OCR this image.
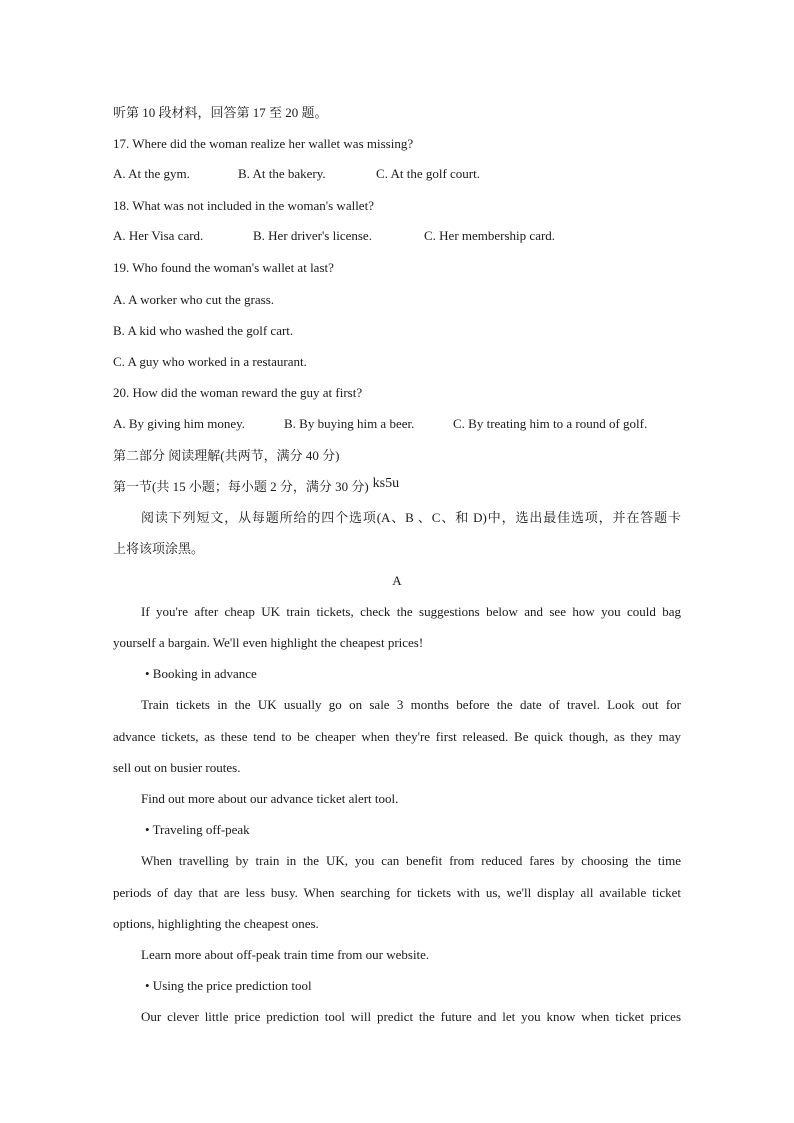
听第 10 段材料，回答第 17 至 20 题。
17. Where did the woman realize her wallet was missing?
A. At the gym.	B. At the bakery.	C. At the golf court.
18. What was not included in the woman's wallet?
A. Her Visa card.	B. Her driver's license.	C. Her membership card.
19. Who found the woman's wallet at last?
A. A worker who cut the grass.
B. A kid who washed the golf cart.
C. A guy who worked in a restaurant.
20. How did the woman reward the guy at first?
A. By giving him money.	B. By buying him a beer.	C. By treating him to a round of golf.
第二部分 阅读理解(共两节，满分 40 分)
第一节(共 15 小题；每小题 2 分，满分 30 分) ks5u
阅读下列短文，从每题所给的四个选项(A、B 、C、和 D)中，选出最佳选项，并在答题卡
上将该项涂黑。
A
If you're after cheap UK train tickets, check the suggestions below and see how you could bag
yourself a bargain. We'll even highlight the cheapest prices!
• Booking in advance
Train tickets in the UK usually go on sale 3 months before the date of travel. Look out for
advance tickets, as these tend to be cheaper when they're first released. Be quick though, as they may
sell out on busier routes.
Find out more about our advance ticket alert tool.
• Traveling off-peak
When travelling by train in the UK, you can benefit from reduced fares by choosing the time
periods of day that are less busy. When searching for tickets with us, we'll display all available ticket
options, highlighting the cheapest ones.
Learn more about off-peak train time from our website.
• Using the price prediction tool
Our clever little price prediction tool will predict the future and let you know when ticket prices
